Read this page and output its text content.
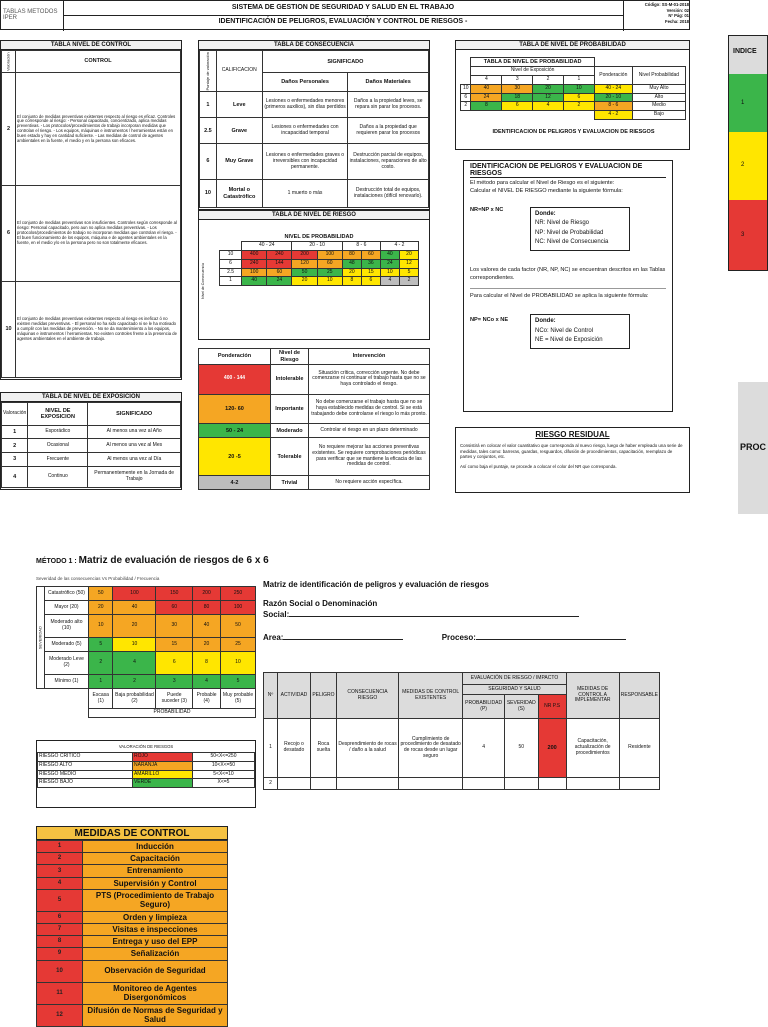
TABLAS METODOS
IPER
SISTEMA DE GESTION DE SEGURIDAD Y SALUD EN EL TRABAJO
IDENTIFICACIÓN DE PELIGROS, EVALUACIÓN Y CONTROL DE RIESGOS -
Código: SS-M-01-2018
Versión: 02
Nº Pág: 01
Fecha: 2018
TABLA NIVEL DE CONTROL
Valoración	CONTROL
2	El conjunto de medidas preventivas existentes respecto al riesgo es eficaz. Controles que corresponde al riesgo: - Personal capacitado, concientizado, aplica medidas preventivas. - Los protocolos/procedimientos de trabajo incorporan medidas que controlan el riesgo. - Los equipos, máquinas e instrumentos / herramientas están en buen estado y hay en cantidad suficiente. - Las medidas de control de agentes ambientales en la fuente, el medio y en la persona son eficaces.
6	El conjunto de medidas preventivas son insuficientes. Controles según corresponde al riesgo: Personal capacitado, pero aun no aplica medidas preventivas. - Los protocolos/procedimientos de trabajo no incorporan medidas que controlan el riesgo. - El buen funcionamiento de los equipos, máquina e de agentes ambientales en la fuente, en el medio y/o en la persona pero no son totalmente eficaces.
10	El conjunto de medidas preventivas existentes respecto al riesgo es ineficaz ó no existen medidas preventivas. - El personal no ha sido capacitado ni se le ha motivado a cumplir con las medidas de prevención. - No se da mantenimiento a los equipos, máquinas e instrumentos / herramientas. No existen controles frente a la presencia de agentes ambientales en el ambiente de trabajo.
TABLA DE NIVEL DE EXPOSICION
Valoración	NIVEL DE EXPOSICION	SIGNIFICADO
1	Esporádico	Al menos una vez al Año
2	Ocasional	Al menos una vez al Mes
3	Frecuente	Al menos una vez al Día
4	Continuo	Permanentemente en la Jornada de Trabajo
TABLA DE CONSECUENCIA
Puntaje de valoración	CALIFICACION	SIGNIFICADO	
		Daños Personales	Daños Materiales
1	Leve	Lesiones o enfermedades menores (primeros auxilios), sin días perdidos	Daños a la propiedad leves, se repara sin parar los procesos.
2.5	Grave	Lesiones o enfermedades con incapacidad temporal	Daños a la propiedad que requieren parar los procesos
6	Muy Grave	Lesiones o enfermedades graves o irreversibles con incapacidad permanente.	Destrucción parcial de equipos, instalaciones, reparaciones de alto costo.
10	Mortal o Catastrófico	1 muerto o más	Destrucción total de equipos, instalaciones (difícil renovarlo).
TABLA DE NIVEL DE RIESGO
NIVEL DE PROBABILIDAD								
	40 - 24		20 - 10		8 - 6		4 - 2	
10	400	240	200	100	80	60	40	20
6	240	144	120	60	48	36	24	12
2.5	100	60	50	25	20	15	10	5
1	40	24	20	10	8	6	4	2
Nivel de Consecuencia
Ponderación	Nivel de Riesgo	Intervención
400 - 144	Intolerable	Situación crítica, corrección urgente. No debe comenzarse ni continuar el trabajo hasta que no se haya controlado el riesgo.
120- 60	Importante	No debe comenzarse el trabajo hasta que no se haya establecido medidas de control. Si se está trabajando debe controlarse el riesgo lo más pronto.
50 - 24	Moderado	Controlar el riesgo en un plazo determinado
20 -5	Tolerable	No requiere mejorar las acciones preventivas existentes. Se requiere comprobaciones periódicas para verificar que se mantiene la eficacia de las medidas de control.
4-2	Trivial	No requiere acción específica.
TABLA DE NIVEL DE PROBABILIDAD
	TABLA DE NIVEL DE PROBABILIDAD					
	Nivel de Exposición				Ponderación	Nivel Probabilidad
	4	3	2	1		
10	40	30	20	10	40 - 24	Muy Alto
6	24	18	12	6	20 - 10	Alto
2	8	6	4	2	8 - 6	Medio
					4 - 2	Bajo
IDENTIFICACION DE PELIGROS Y EVALUACION DE RIESGOS
IDENTIFICACION DE PELIGROS Y EVALUACION DE RIESGOS
El método para calcular el Nivel de Riesgo es el siguiente:
Calcular el NIVEL DE RIESGO mediante la siguiente fórmula:
NR=NP x NC
Donde:
NR: Nivel de Riesgo
NP: Nivel de Probabilidad
NC: Nivel de Consecuencia
Los valores de cada factor (NR, NP, NC) se encuentran descritos en las Tablas correspondientes.
Para calcular el Nivel de PROBABILIDAD se aplica la siguiente fórmula:
NP= NCo x NE	Donde:
NCo: Nivel de Control
NE = Nivel de Exposición
RIESGO RESIDUAL
Consistirá en colocar el valor cuantitativo que corresponda al nuevo riesgo, luego de haber empleado una serie de medidas, tales como: barreras, guardas, resguardos, difusión de procedimientos, capacitación, reemplazo de partes y conjuntos, etc.
Así como baja el puntaje, se procede a colocar el color del NR que corresponda.
INDICE
1
2
3
PROC
MÉTODO 1 : Matriz de evaluación de riesgos de 6 x 6
Severidad de las consecuencias Vs Probabilidad / Frecuencia
SEVERIDAD	Catastrófico (50)	50	100	150	200	250
	Mayor (20)	20	40	60	80	100
	Moderado alto (10)	10	20	30	40	50
	Moderado (5)	5	10	15	20	25
	Moderado Leve (2)	2	4	6	8	10
	Mínimo (1)	1	2	3	4	5
		Escasa (1)	Baja probabilidad (2)	Puede suceder (3)	Probable (4)	Muy probable (5)
		PROBABILIDAD				
VALORACIÓN DE RIESGOS
RIESGO CRITICO	ROJO	50<X<=250
RIESGO ALTO	NARANJA	10<X<=50
RIESGO MEDIO	AMARILLO	5<X<=10
RIESGO BAJO	VERDE	X<=5
MEDIDAS DE CONTROL
1	Inducción
2	Capacitación
3	Entrenamiento
4	Supervisión y Control
5	PTS (Procedimiento de Trabajo Seguro)
6	Orden y limpieza
7	Visitas e inspecciones
8	Entrega y uso del EPP
9	Señalización
10	Observación de Seguridad
11	Monitoreo de Agentes Disergonómicos
12	Difusión de Normas de Seguridad y Salud
Matriz de identificación de peligros y evaluación de riesgos
Razón Social o Denominación
Social:
Area:	Proceso:
Nº	ACTIVIDAD	PELIGRO	CONSECUENCIA RIESGO	MEDIDAS DE CONTROL EXISTENTES	EVALUACIÓN DE RIESGO / IMPACTO			MEDIDAS DE CONTROL A IMPLEMENTAR	RESPONSABLE
					SEGURIDAD Y SALUD				
					PROBABILIDAD (P)	SEVERIDAD (S)	NR P.S		
1	Recojo o desatado	Roca suelta	Desprendimiento de rocas / daño a la salud	Cumplimiento de procedimiento de desatado de rocas desde un lugar seguro	4	50	200	Capacitación, actualización de procedimientos	Residente
2									
